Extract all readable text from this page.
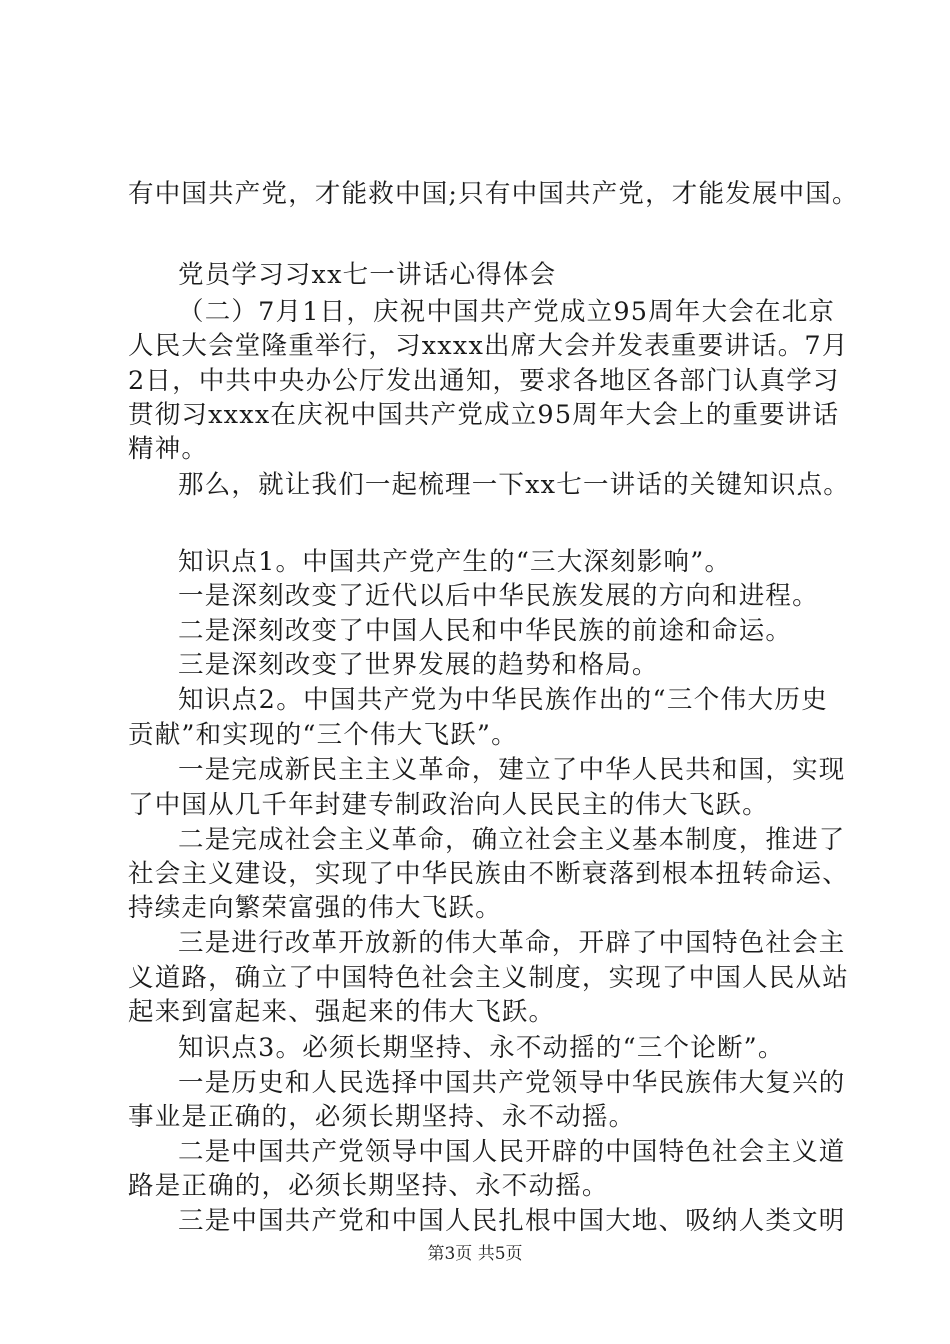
有中国共产党，才能救中国;只有中国共产党，才能发展中国。
党员学习习xx七一讲话心得体会
（二）7月1日，庆祝中国共产党成立95周年大会在北京
人民大会堂隆重举行，习xxxx出席大会并发表重要讲话。7月
2日，中共中央办公厅发出通知，要求各地区各部门认真学习
贯彻习xxxx在庆祝中国共产党成立95周年大会上的重要讲话
精神。
那么，就让我们一起梳理一下xx七一讲话的关键知识点。
知识点1。中国共产党产生的“三大深刻影响”。
一是深刻改变了近代以后中华民族发展的方向和进程。
二是深刻改变了中国人民和中华民族的前途和命运。
三是深刻改变了世界发展的趋势和格局。
知识点2。中国共产党为中华民族作出的“三个伟大历史
贡献”和实现的“三个伟大飞跃”。
一是完成新民主主义革命，建立了中华人民共和国，实现
了中国从几千年封建专制政治向人民民主的伟大飞跃。
二是完成社会主义革命，确立社会主义基本制度，推进了
社会主义建设，实现了中华民族由不断衰落到根本扭转命运、
持续走向繁荣富强的伟大飞跃。
三是进行改革开放新的伟大革命，开辟了中国特色社会主
义道路，确立了中国特色社会主义制度，实现了中国人民从站
起来到富起来、强起来的伟大飞跃。
知识点3。必须长期坚持、永不动摇的“三个论断”。
一是历史和人民选择中国共产党领导中华民族伟大复兴的
事业是正确的，必须长期坚持、永不动摇。
二是中国共产党领导中国人民开辟的中国特色社会主义道
路是正确的，必须长期坚持、永不动摇。
三是中国共产党和中国人民扎根中国大地、吸纳人类文明
第3页 共5页
